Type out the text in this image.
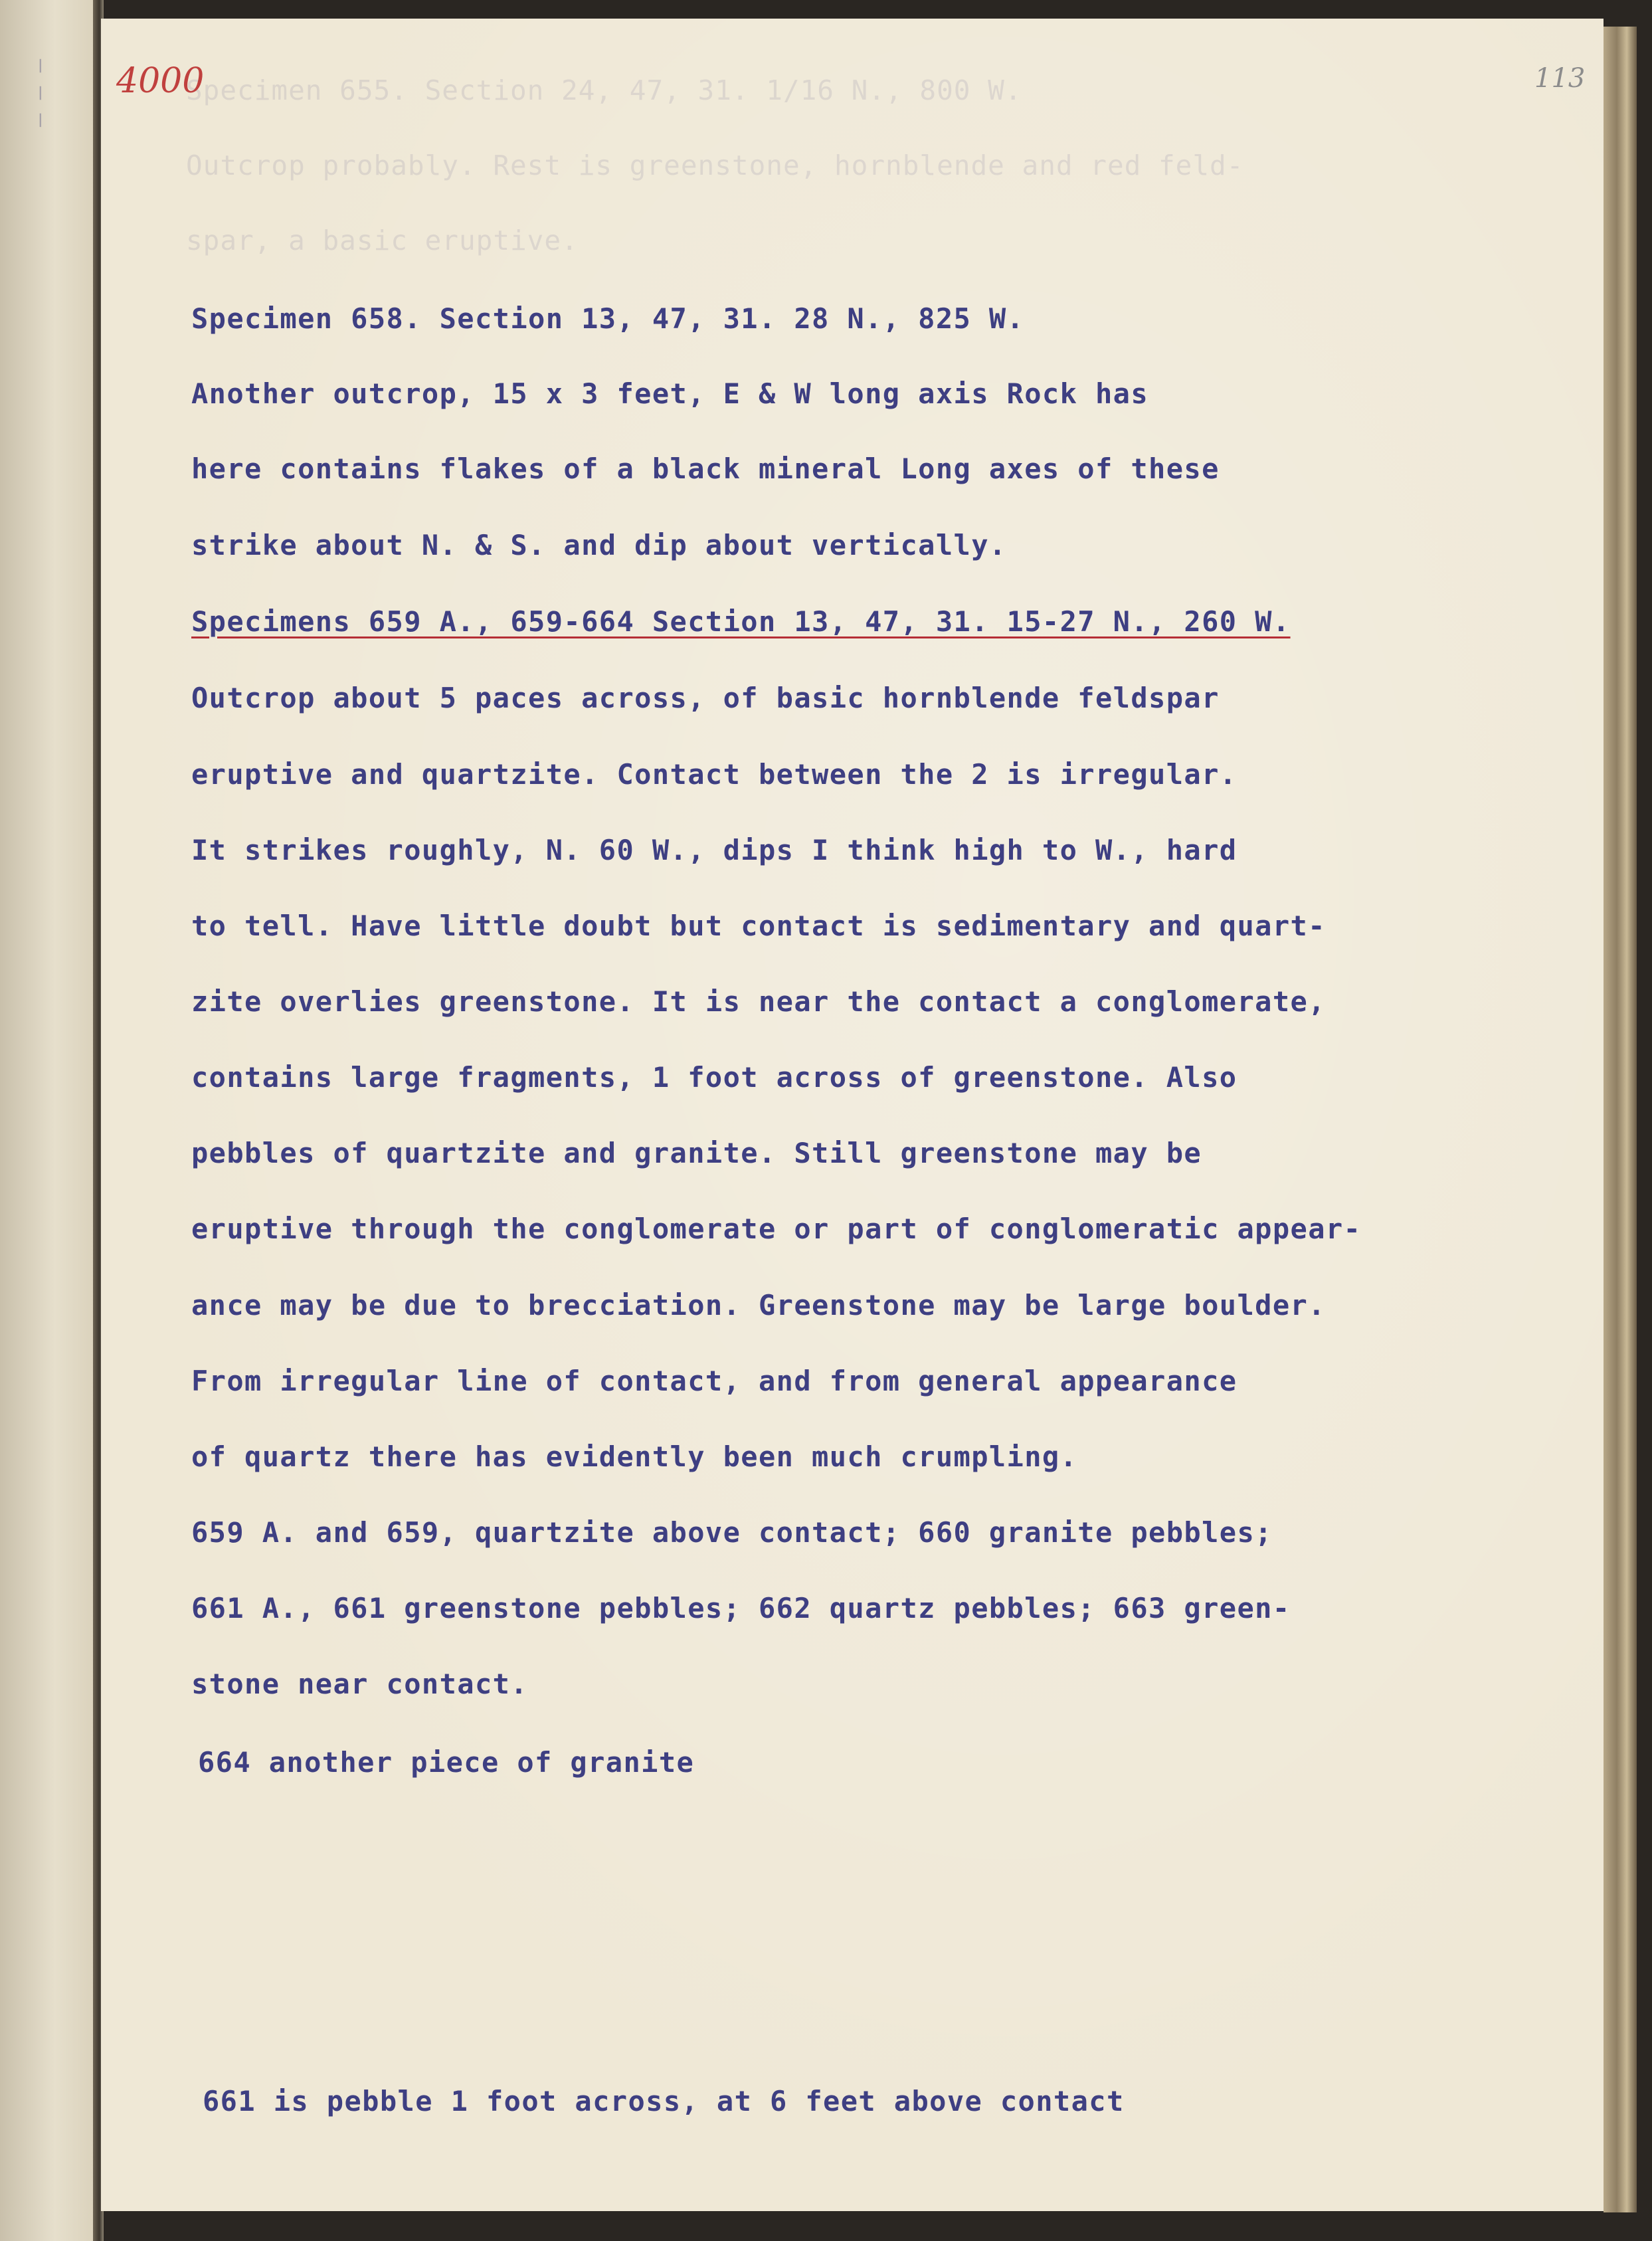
— — —	Specimen 655. Section 24, 47, 31. 1/16 N., 800 W.
Outcrop probably. Rest is greenstone, hornblende and red feld-
spar, a basic eruptive.
4000	113
Specimen 658. Section 13, 47, 31. 28 N., 825 W.
Another outcrop, 15 x 3 feet, E & W long axis Rock has
here contains flakes of a black mineral Long axes of these
strike about N. & S. and dip about vertically.
Specimens 659 A., 659-664 Section 13, 47, 31. 15-27 N., 260 W.
Outcrop about 5 paces across, of basic hornblende feldspar
eruptive and quartzite. Contact between the 2 is irregular.
It strikes roughly, N. 60 W., dips I think high to W., hard
to tell. Have little doubt but contact is sedimentary and quart-
zite overlies greenstone. It is near the contact a conglomerate,
contains large fragments, 1 foot across of greenstone. Also
pebbles of quartzite and granite. Still greenstone may be
eruptive through the conglomerate or part of conglomeratic appear-
ance may be due to brecciation. Greenstone may be large boulder.
From irregular line of contact, and from general appearance
of quartz there has evidently been much crumpling.
659 A. and 659, quartzite above contact; 660 granite pebbles;
661 A., 661 greenstone pebbles; 662 quartz pebbles; 663 green-
stone near contact.
664 another piece of granite
661 is pebble 1 foot across, at 6 feet above contact
